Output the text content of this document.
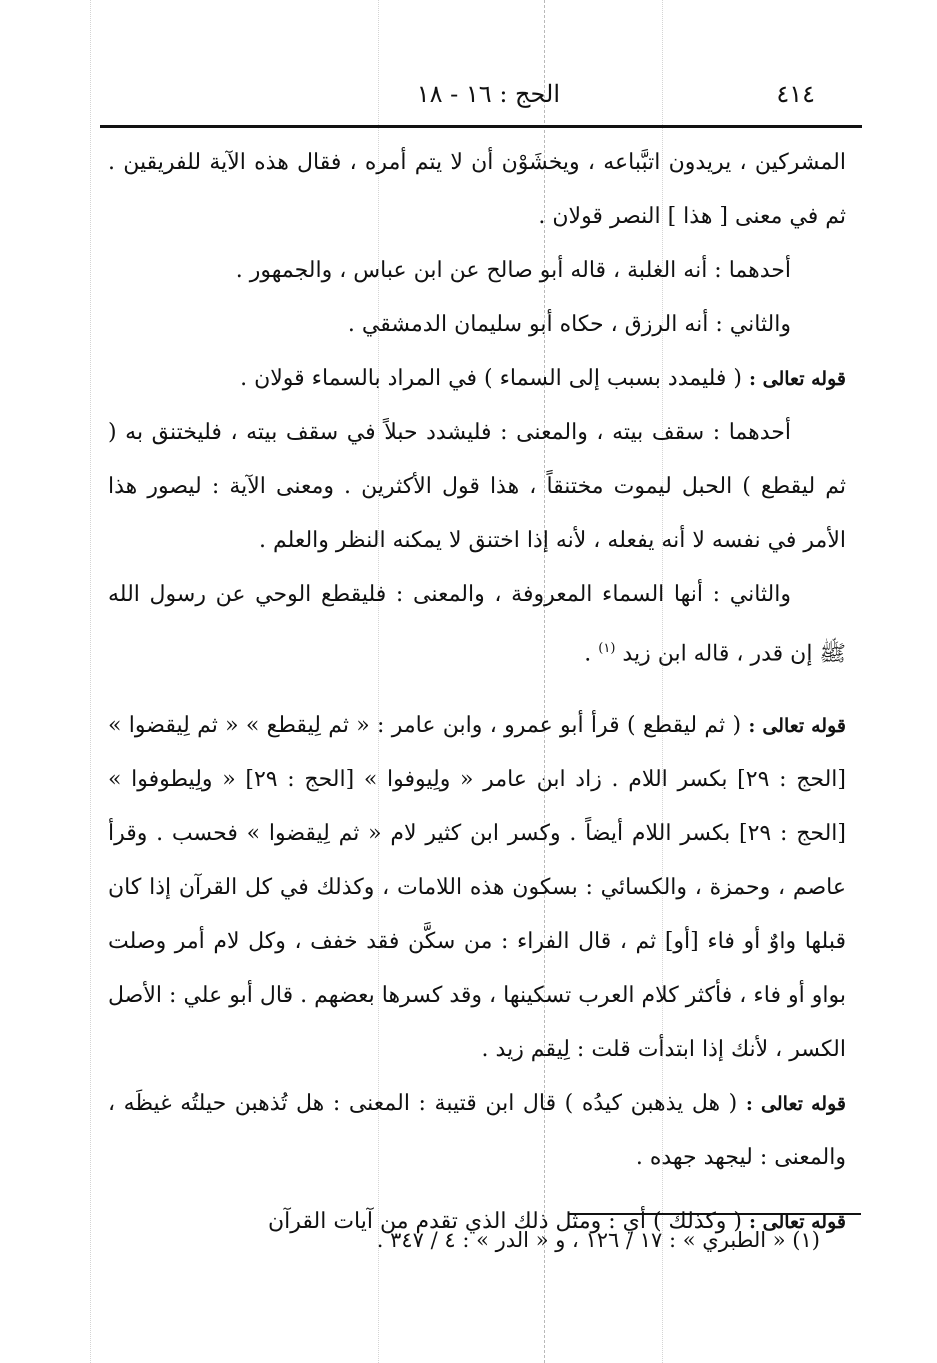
٤١٤
الحج : ١٦ - ١٨

المشركين ، يريدون اتبَّباعه ، ويخشَوْن أن لا يتم أمره ، فقال هذه الآية للفريقين . ثم في معنى [ هذا ] النصر قولان .

أحدهما : أنه الغلبة ، قاله أبو صالح عن ابن عباس ، والجمهور .

والثاني : أنه الرزق ، حكاه أبو سليمان الدمشقي .

قوله تعالى : ( فليمدد بسبب إلى السماء ) في المراد بالسماء قولان .

أحدهما : سقف بيته ، والمعنى : فليشدد حبلاً في سقف بيته ، فليختنق به ( ثم ليقطع ) الحبل ليموت مختنقاً ، هذا قول الأكثرين . ومعنى الآية : ليصور هذا الأمر في نفسه لا أنه يفعله ، لأنه إذا اختنق لا يمكنه النظر والعلم .

والثاني : أنها السماء المعروفة ، والمعنى : فليقطع الوحي عن رسول الله ﷺ إن قدر ، قاله ابن زيد $^{(١)}$ .

قوله تعالى : ( ثم ليقطع ) قرأ أبو عمرو ، وابن عامر : « ثم لِيقطع » « ثم لِيقضوا » [الحج : ٢٩] بكسر اللام . زاد ابن عامر « ولِيوفوا » [الحج : ٢٩] « ولِيطوفوا » [الحج : ٢٩] بكسر اللام أيضاً . وكسر ابن كثير لام « ثم لِيقضوا » فحسب . وقرأ عاصم ، وحمزة ، والكسائي : بسكون هذه اللامات ، وكذلك في كل القرآن إذا كان قبلها واوٌ أو فاء [أو] ثم ، قال الفراء : من سكَّن فقد خفف ، وكل لام أمر وصلت بواو أو فاء ، فأكثر كلام العرب تسكينها ، وقد كسرها بعضهم . قال أبو علي : الأصل الكسر ، لأنك إذا ابتدأت قلت : لِيقم زيد .

قوله تعالى : ( هل يذهبن كيدُه ) قال ابن قتيبة : المعنى : هل تُذهبن حيلتُه غيظَه ، والمعنى : ليجهد جهده .

قوله تعالى : ( وكذلك ) أي : ومثل ذلك الذي تقدم من آيات القرآن

(١) « الطبري » : ١٧ / ١٢٦ ، و « الدر » : ٤ / ٣٤٧ .
